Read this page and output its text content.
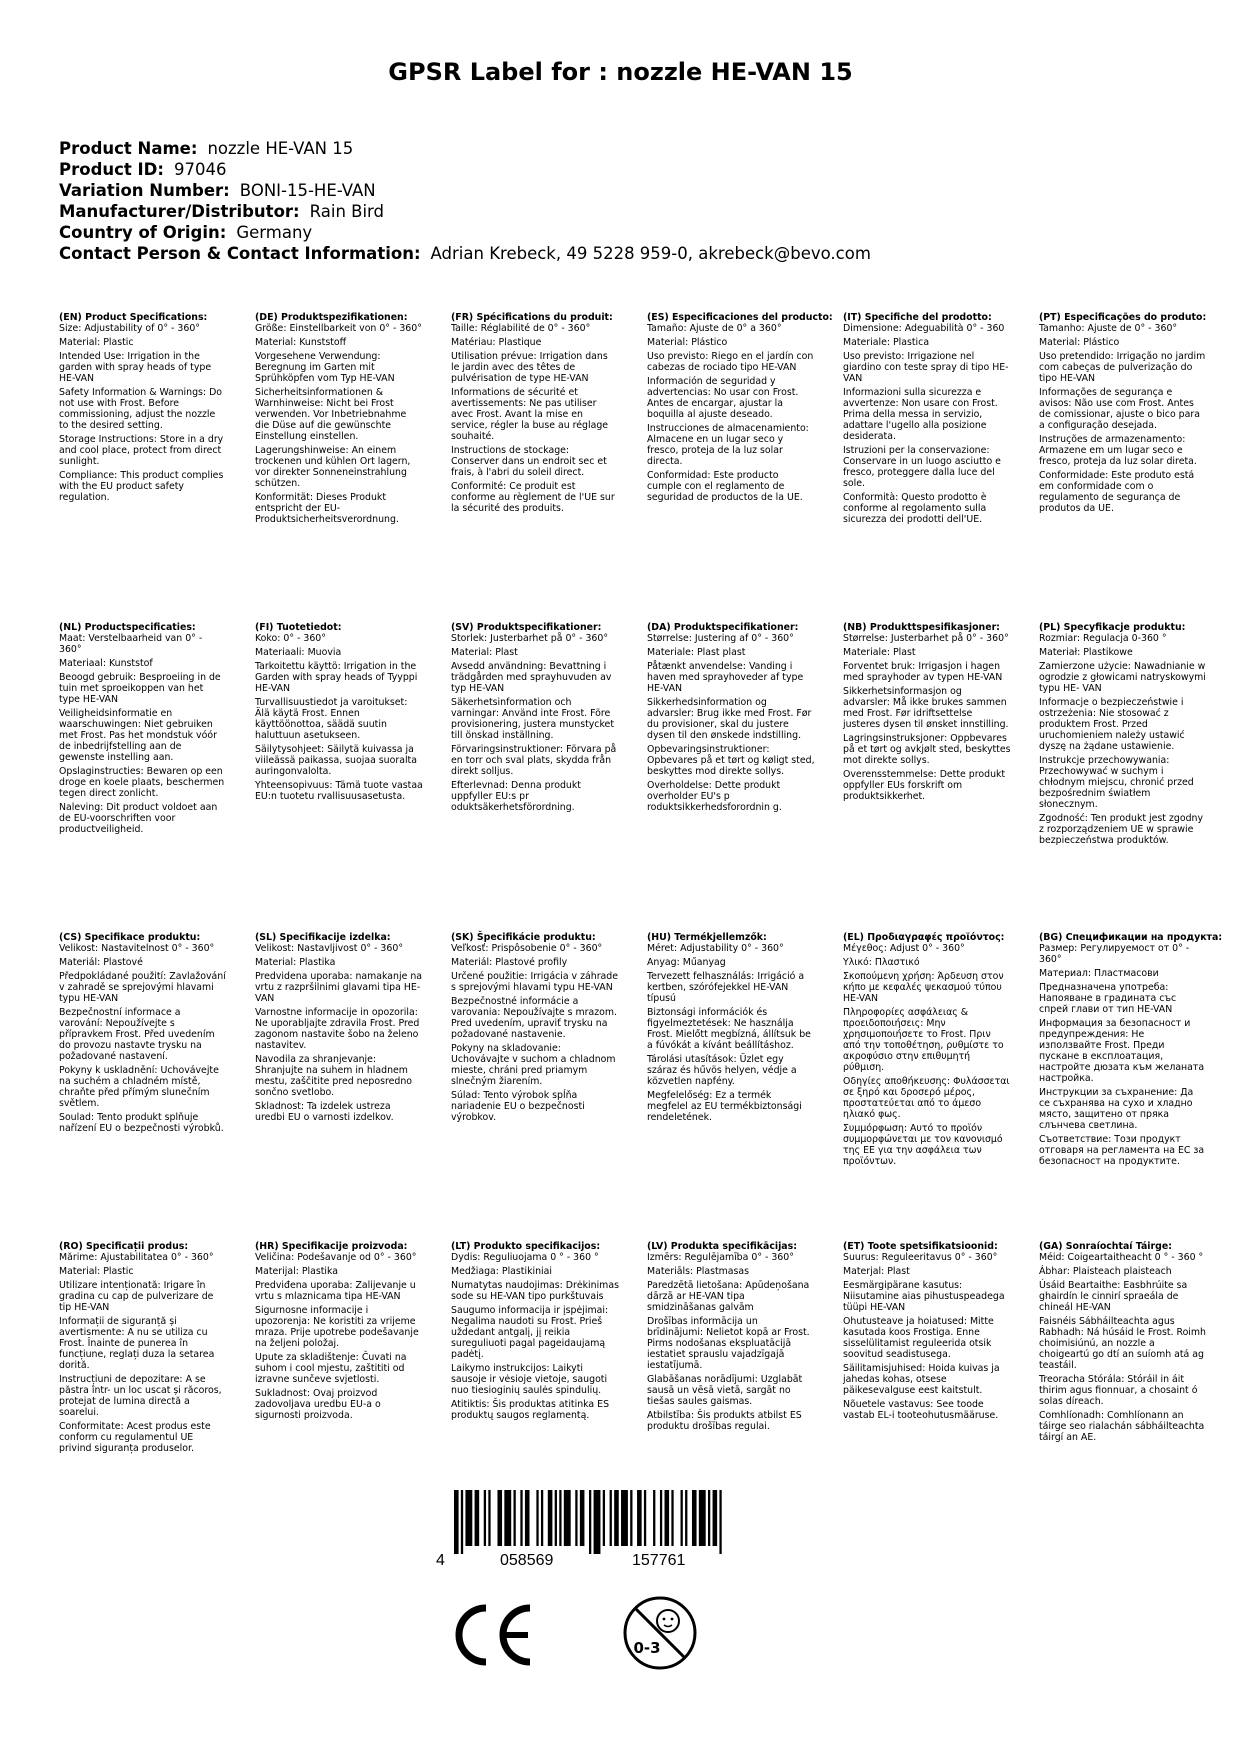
GPSR Label for : nozzle HE-VAN 15
Product Name: nozzle HE-VAN 15
Product ID: 97046
Variation Number: BONI-15-HE-VAN
Manufacturer/Distributor: Rain Bird
Country of Origin: Germany
Contact Person & Contact Information: Adrian Krebeck, 49 5228 959-0, akrebeck@bevo.com
(EN) Product Specifications:

Size: Adjustability of 0° - 360°

Material: Plastic

Intended Use: Irrigation in the garden with spray heads of type HE-VAN

Safety Information & Warnings: Do not use with Frost. Before commissioning, adjust the nozzle to the desired setting.

Storage Instructions: Store in a dry and cool place, protect from direct sunlight.

Compliance: This product complies with the EU product safety regulation.

(DE) Produktspezifikationen:

Größe: Einstellbarkeit von 0° - 360°

Material: Kunststoff

Vorgesehene Verwendung: Beregnung im Garten mit Sprühköpfen vom Typ HE-VAN

Sicherheitsinformationen & Warnhinweise: Nicht bei Frost verwenden. Vor Inbetriebnahme die Düse auf die gewünschte Einstellung einstellen.

Lagerungshinweise: An einem trockenen und kühlen Ort lagern, vor direkter Sonneneinstrahlung schützen.

Konformität: Dieses Produkt entspricht der EU-Produktsicherheitsverordnung.

(FR) Spécifications du produit:

Taille: Réglabilité de 0° - 360°

Matériau: Plastique

Utilisation prévue: Irrigation dans le jardin avec des têtes de pulvérisation de type HE-VAN

Informations de sécurité et avertissements: Ne pas utiliser avec Frost. Avant la mise en service, régler la buse au réglage souhaité.

Instructions de stockage: Conserver dans un endroit sec et frais, à l'abri du soleil direct.

Conformité: Ce produit est conforme au règlement de l'UE sur la sécurité des produits.

(ES) Especificaciones del producto:

Tamaño: Ajuste de 0° a 360°

Material: Plástico

Uso previsto: Riego en el jardín con cabezas de rociado tipo HE-VAN

Información de seguridad y advertencias: No usar con Frost. Antes de encargar, ajustar la boquilla al ajuste deseado.

Instrucciones de almacenamiento: Almacene en un lugar seco y fresco, proteja de la luz solar directa.

Conformidad: Este producto cumple con el reglamento de seguridad de productos de la UE.

(IT) Specifiche del prodotto:

Dimensione: Adeguabilità 0° - 360

Materiale: Plastica

Uso previsto: Irrigazione nel giardino con teste spray di tipo HE-VAN

Informazioni sulla sicurezza e avvertenze: Non usare con Frost. Prima della messa in servizio, adattare l'ugello alla posizione desiderata.

Istruzioni per la conservazione: Conservare in un luogo asciutto e fresco, proteggere dalla luce del sole.

Conformità: Questo prodotto è conforme al regolamento sulla sicurezza dei prodotti dell'UE.

(PT) Especificações do produto:

Tamanho: Ajuste de 0° - 360°

Material: Plástico

Uso pretendido: Irrigação no jardim com cabeças de pulverização do tipo HE-VAN

Informações de segurança e avisos: Não use com Frost. Antes de comissionar, ajuste o bico para a configuração desejada.

Instruções de armazenamento: Armazene em um lugar seco e fresco, proteja da luz solar direta.

Conformidade: Este produto está em conformidade com o regulamento de segurança de produtos da UE.

(NL) Productspecificaties:

Maat: Verstelbaarheid van 0° - 360°

Materiaal: Kunststof

Beoogd gebruik: Besproeiing in de tuin met sproeikoppen van het type HE-VAN

Veiligheidsinformatie en waarschuwingen: Niet gebruiken met Frost. Pas het mondstuk vóór de inbedrijfstelling aan de gewenste instelling aan.

Opslaginstructies: Bewaren op een droge en koele plaats, beschermen tegen direct zonlicht.

Naleving: Dit product voldoet aan de EU-voorschriften voor productveiligheid.

(FI) Tuotetiedot:

Koko: 0° - 360°

Materiaali: Muovia

Tarkoitettu käyttö: Irrigation in the Garden with spray heads of Tyyppi HE-VAN

Turvallisuustiedot ja varoitukset: Älä käytä Frost. Ennen käyttöönottoa, säädä suutin haluttuun asetukseen.

Säilytysohjeet: Säilytä kuivassa ja viileässä paikassa, suojaa suoralta auringonvalolta.

Yhteensopivuus: Tämä tuote vastaa EU:n tuotetu rvallisuusasetusta.

(SV) Produktspecifikationer:

Storlek: Justerbarhet på 0° - 360°

Material: Plast

Avsedd användning: Bevattning i trädgården med sprayhuvuden av typ HE-VAN

Säkerhetsinformation och varningar: Använd inte Frost. Före provisionering, justera munstycket till önskad inställning.

Förvaringsinstruktioner: Förvara på en torr och sval plats, skydda från direkt solljus.

Efterlevnad: Denna produkt uppfyller EU:s pr oduktsäkerhetsförordning.

(DA) Produktspecifikationer:

Størrelse: Justering af 0° - 360°

Materiale: Plast plast

Påtænkt anvendelse: Vanding i haven med sprayhoveder af type HE-VAN

Sikkerhedsinformation og advarsler: Brug ikke med Frost. Før du provisioner, skal du justere dysen til den ønskede indstilling.

Opbevaringsinstruktioner: Opbevares på et tørt og køligt sted, beskyttes mod direkte sollys.

Overholdelse: Dette produkt overholder EU's p roduktsikkerhedsforordnin g.

(NB) Produkttspesifikasjoner:

Størrelse: Justerbarhet på 0° - 360°

Materiale: Plast

Forventet bruk: Irrigasjon i hagen med sprayhoder av typen HE-VAN

Sikkerhetsinformasjon og advarsler: Må ikke brukes sammen med Frost. Før idriftsettelse justeres dysen til ønsket innstilling.

Lagringsinstruksjoner: Oppbevares på et tørt og avkjølt sted, beskyttes mot direkte sollys.

Overensstemmelse: Dette produkt oppfyller EUs forskrift om produktsikkerhet.

(PL) Specyfikacje produktu:

Rozmiar: Regulacja 0-360 °

Materiał: Plastikowe

Zamierzone użycie: Nawadnianie w ogrodzie z głowicami natryskowymi typu HE- VAN

Informacje o bezpieczeństwie i ostrzeżenia: Nie stosować z produktem Frost. Przed uruchomieniem należy ustawić dyszę na żądane ustawienie.

Instrukcje przechowywania: Przechowywać w suchym i chłodnym miejscu, chronić przed bezpośrednim światłem słonecznym.

Zgodność: Ten produkt jest zgodny z rozporządzeniem UE w sprawie bezpieczeństwa produktów.

(CS) Specifikace produktu:

Velikost: Nastavitelnost 0° - 360°

Materiál: Plastové

Předpokládané použití: Zavlažování v zahradě se sprejovými hlavami typu HE-VAN

Bezpečnostní informace a varování: Nepoužívejte s přípravkem Frost. Před uvedením do provozu nastavte trysku na požadované nastavení.

Pokyny k uskladnění: Uchovávejte na suchém a chladném místě, chraňte před přímým slunečním světlem.

Soulad: Tento produkt splňuje nařízení EU o bezpečnosti výrobků.

(SL) Specifikacije izdelka:

Velikost: Nastavljivost 0° - 360°

Material: Plastika

Predvidena uporaba: namakanje na vrtu z razpršilnimi glavami tipa HE-VAN

Varnostne informacije in opozorila: Ne uporabljajte zdravila Frost. Pred zagonom nastavite šobo na želeno nastavitev.

Navodila za shranjevanje: Shranjujte na suhem in hladnem mestu, zaščitite pred neposredno sončno svetlobo.

Skladnost: Ta izdelek ustreza uredbi EU o varnosti izdelkov.

(SK) Špecifikácie produktu:

Veľkosť: Prispôsobenie 0° - 360°

Materiál: Plastové profily

Určené použitie: Irrigácia v záhrade s sprejovými hlavami typu HE-VAN

Bezpečnostné informácie a varovania: Nepoužívajte s mrazom. Pred uvedením, upraviť trysku na požadované nastavenie.

Pokyny na skladovanie: Uchovávajte v suchom a chladnom mieste, chráni pred priamym slnečným žiarením.

Súlad: Tento výrobok spĺňa nariadenie EU o bezpečnosti výrobkov.

(HU) Termékjellemzők:

Méret: Adjustability 0° - 360°

Anyag: Műanyag

Tervezett felhasználás: Irrigáció a kertben, szórófejekkel HE-VAN típusú

Biztonsági információk és figyelmeztetések: Ne használja Frost. Mielőtt megbízná, állítsuk be a fúvókát a kívánt beállításhoz.

Tárolási utasítások: Üzlet egy száraz és hűvös helyen, védje a közvetlen napfény.

Megfelelőség: Ez a termék megfelel az EU termékbiztonsági rendeletének.

(EL) Προδιαγραφές προϊόντος:

Μέγεθος: Adjust 0° - 360°

Υλικό: Πλαστικό

Σκοπούμενη χρήση: Άρδευση στον κήπο με κεφαλές ψεκασμού τύπου HE-VAN

Πληροφορίες ασφάλειας & προειδοποιήσεις: Μην χρησιμοποιήσετε το Frost. Πριν από την τοποθέτηση, ρυθμίστε το ακροφύσιο στην επιθυμητή ρύθμιση.

Οδηγίες αποθήκευσης: Φυλάσσεται σε ξηρό και δροσερό μέρος, προστατεύεται από το άμεσο ηλιακό φως.

Συμμόρφωση: Αυτό το προϊόν συμμορφώνεται με τον κανονισμό της ΕΕ για την ασφάλεια των προϊόντων.

(BG) Спецификации на продукта:

Размер: Регулируемост от 0° - 360°

Материал: Пластмасови

Предназначена употреба: Напояване в градината със спрей глави от тип HE-VAN

Информация за безопасност и предупреждения: Не използвайте Frost. Преди пускане в експлоатация, настройте дюзата към желаната настройка.

Инструкции за съхранение: Да се съхранява на сухо и хладно място, защитено от пряка слънчева светлина.

Съответствие: Този продукт отговаря на регламента на ЕС за безопасност на продуктите.

(RO) Specificații produs:

Mărime: Ajustabilitatea 0° - 360°

Material: Plastic

Utilizare intenționată: Irigare în gradina cu cap de pulverizare de tip HE-VAN

Informații de siguranță și avertismente: A nu se utiliza cu Frost. Înainte de punerea în funcțiune, reglați duza la setarea dorită.

Instrucțiuni de depozitare: A se păstra într- un loc uscat și răcoros, protejat de lumina directă a soarelui.

Conformitate: Acest produs este conform cu regulamentul UE privind siguranța produselor.

(HR) Specifikacije proizvoda:

Veličina: Podešavanje od 0° - 360°

Materijal: Plastika

Predviđena uporaba: Zalijevanje u vrtu s mlaznicama tipa HE-VAN

Sigurnosne informacije i upozorenja: Ne koristiti za vrijeme mraza. Prije upotrebe podešavanje na željeni položaj.

Upute za skladištenje: Čuvati na suhom i cool mjestu, zaštititi od izravne sunčeve svjetlosti.

Sukladnost: Ovaj proizvod zadovoljava uredbu EU-a o sigurnosti proizvoda.

(LT) Produkto specifikacijos:

Dydis: Reguliuojama 0 ° - 360 °

Medžiaga: Plastikiniai

Numatytas naudojimas: Drėkinimas sode su HE-VAN tipo purkštuvais

Saugumo informacija ir įspėjimai: Negalima naudoti su Frost. Prieš uždedant antgalį, jį reikia sureguliuoti pagal pageidaujamą padėtį.

Laikymo instrukcijos: Laikyti sausoje ir vėsioje vietoje, saugoti nuo tiesioginių saulės spindulių.

Atitiktis: Šis produktas atitinka ES produktų saugos reglamentą.

(LV) Produkta specifikācijas:

Izmērs: Regulējamība 0° - 360°

Materiāls: Plastmasas

Paredzētā lietošana: Apūdeņošana dārzā ar HE-VAN tipa smidzināšanas galvām

Drošības informācija un brīdinājumi: Nelietot kopā ar Frost. Pirms nodošanas ekspluatācijā iestatiet sprauslu vajadzīgajā iestatījumā.

Glabāšanas norādījumi: Uzglabāt sausā un vēsā vietā, sargāt no tiešas saules gaismas.

Atbilstība: Šis produkts atbilst ES produktu drošības regulai.

(ET) Toote spetsifikatsioonid:

Suurus: Reguleeritavus 0° - 360°

Materjal: Plast

Eesmärgipärane kasutus: Niisutamine aias pihustuspeadega tüüpi HE-VAN

Ohutusteave ja hoiatused: Mitte kasutada koos Frostiga. Enne sisselülitamist reguleerida otsik soovitud seadistusega.

Säilitamisjuhised: Hoida kuivas ja jahedas kohas, otsese päikesevalguse eest kaitstult.

Nõuetele vastavus: See toode vastab EL-i tooteohutusmääruse.

(GA) Sonraíochtaí Táirge:

Méid: Coigeartaitheacht 0 ° - 360 °

Ábhar: Plaisteach plaisteach

Úsáid Beartaithe: Easbhrúite sa ghairdín le cinnirí spraeála de chineál HE-VAN

Faisnéis Sábháilteachta agus Rabhadh: Ná húsáid le Frost. Roimh choimisiúnú, an nozzle a choigeartú go dtí an suíomh atá ag teastáil.

Treoracha Stórála: Stóráil in áit thirim agus fionnuar, a chosaint ó solas díreach.

Comhlíonadh: Comhlíonann an táirge seo rialachán sábháilteachta táirgí an AE.

4	058569	157761
0-3
